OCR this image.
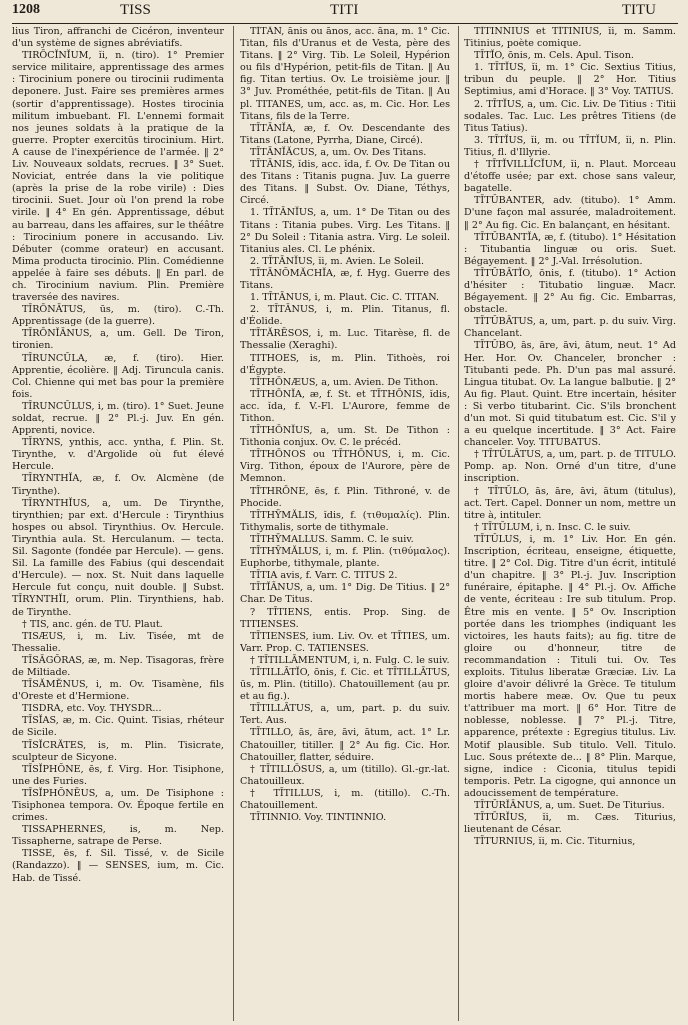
1208	TISS	TITI	TITU

lius Tiron, affranchi de Cicéron, inventeur d'un système de signes abréviatifs.

TIRŌCĬNĬUM, ĭi, n. (tiro). 1° Premier service militaire, apprentissage des armes : Tirocinium ponere ou tirocinii rudimenta deponere. Just. Faire ses premières armes (sortir d'apprentissage). Hostes tirocinia militum imbuebant. Fl. L'ennemi formait nos jeunes soldats à la pratique de la guerre. Propter exercitūs tirocinium. Hirt. A cause de l'inexpérience de l'armée. ‖ 2° Liv. Nouveaux soldats, recrues. ‖ 3° Suet. Noviciat, entrée dans la vie politique (après la prise de la robe virile) : Dies tirocinii. Suet. Jour où l'on prend la robe virile. ‖ 4° En gén. Apprentissage, début au barreau, dans les affaires, sur le théâtre : Tirocinium ponere in accusando. Liv. Débuter (comme orateur) en accusant. Mima producta tirocinio. Plin. Comédienne appelée à faire ses débuts. ‖ En parl. de ch. Tirocinium navium. Plin. Première traversée des navires.

TĪRŌNĀTUS, ūs, m. (tiro). C.-Th. Apprentissage (de la guerre).

TĪRŌNĬĀNUS, a, um. Gell. De Tiron, tironien.

TĪRUNCŬLA, æ, f. (tiro). Hier. Apprentie, écolière. ‖ Adj. Tiruncula canis. Col. Chienne qui met bas pour la première fois.

TĪRUNCŬLUS, i, m. (tiro). 1° Suet. Jeune soldat, recrue. ‖ 2° Pl.-j. Juv. En gén. Apprenti, novice.

TĪRYNS, ynthis, acc. yntha, f. Plin. St. Tirynthe, v. d'Argolide où fut élevé Hercule.

TĪRYNTHĬA, æ, f. Ov. Alcmène (de Tirynthe).

TĪRYNTHĬUS, a, um. De Tirynthe, tirynthien; par ext. d'Hercule : Tirynthius hospes ou absol. Tirynthius. Ov. Hercule. Tirynthia aula. St. Herculanum. — tecta. Sil. Sagonte (fondée par Hercule). — gens. Sil. La famille des Fabius (qui descendait d'Hercule). — nox. St. Nuit dans laquelle Hercule fut conçu, nuit double. ‖ Subst. TĪRYNTHĬI, orum. Plin. Tirynthiens, hab. de Tirynthe.

† TIS, anc. gén. de TU. Plaut.

TISÆUS, i, m. Liv. Tisée, mt de Thessalie.

TĪSĀGŎRAS, æ, m. Nep. Tisagoras, frère de Miltiade.

TĪSĂMĔNUS, i, m. Ov. Tisamène, fils d'Oreste et d'Hermione.

TISDRA, etc. Voy. THYSDR...

TĪSĬAS, æ, m. Cic. Quint. Tisias, rhéteur de Sicile.

TĪSĬCRĂTES, is, m. Plin. Tisicrate, sculpteur de Sicyone.

TĪSĬPHŎNE, ēs, f. Virg. Hor. Tisiphone, une des Furies.

TĪSĬPHŎNĒUS, a, um. De Tisiphone : Tisiphonea tempora. Ov. Époque fertile en crimes.

TISSAPHERNES, is, m. Nep. Tissapherne, satrape de Perse.

TISSE, ēs, f. Sil. Tissé, v. de Sicile (Randazzo). ‖ — SENSES, ium, m. Cic. Hab. de Tissé.

TĪTĀN, ānis ou ānos, acc. āna, m. 1° Cic. Titan, fils d'Uranus et de Vesta, père des Titans. ‖ 2° Virg. Tib. Le Soleil, Hypérion ou fils d'Hypérion, petit-fils de Titan. ‖ Au fig. Titan tertius. Ov. Le troisième jour. ‖ 3° Juv. Prométhée, petit-fils de Titan. ‖ Au pl. TITANES, um, acc. as, m. Cic. Hor. Les Titans, fils de la Terre.

TĪTĀNĬA, æ, f. Ov. Descendante des Titans (Latone, Pyrrha, Diane, Circé).

TĪTĀNĬĂCUS, a, um. Ov. Des Titans.

TĪTĀNIS, ĭdis, acc. ĭda, f. Ov. De Titan ou des Titans : Titanis pugna. Juv. La guerre des Titans. ‖ Subst. Ov. Diane, Téthys, Circé.

1. TĪTĀNĬUS, a, um. 1° De Titan ou des Titans : Titania pubes. Virg. Les Titans. ‖ 2° Du Soleil : Titania astra. Virg. Le soleil. Titanius ales. Cl. Le phénix.

2. TĪTĀNĬUS, ĭi, m. Avien. Le Soleil.

TĪTĀNŎMĂCHĬA, æ, f. Hyg. Guerre des Titans.

1. TĪTĀNUS, i, m. Plaut. Cic. C. TITAN.

2. TĪTĀNUS, i, m. Plin. Titanus, fl. d'Éolide.

TĪTĂRĒSOS, i, m. Luc. Titarèse, fl. de Thessalie (Xeraghi).

TITHOES, is, m. Plin. Tithoès, roi d'Égypte.

TĪTHŌNÆUS, a, um. Avien. De Tithon.

TĪTHŌNĬA, æ, f. St. et TĪTHŌNIS, ĭdis, acc. ĭda, f. V.-Fl. L'Aurore, femme de Tithon.

TĪTHŌNĬUS, a, um. St. De Tithon : Tithonia conjux. Ov. C. le précéd.

TĪTHŌNOS ou TĪTHŌNUS, i, m. Cic. Virg. Tithon, époux de l'Aurore, père de Memnon.

TĪTHRŌNE, ēs, f. Plin. Tithroné, v. de Phocide.

TĪTHȲMĂLIS, ĭdis, f. (τιθυμαλίς). Plin. Tithymalis, sorte de tithymale.

TĪTHȲMALLUS. Samm. C. le suiv.

TĪTHȲMĂLUS, i, m. f. Plin. (τιθύμαλος). Euphorbe, tithymale, plante.

TĪTIA avis, f. Varr. C. TITUS 2.

TĪTĬĀNUS, a, um. 1° Dig. De Titius. ‖ 2° Char. De Titus.

? TĪTIENS, entis. Prop. Sing. de TITIENSES.

TĪTIENSES, ium. Liv. Ov. et TĪTIES, um. Varr. Prop. C. TATIENSES.

† TĪTILLĀMENTUM, i, n. Fulg. C. le suiv.

TĪTILLĀTĬO, ōnis, f. Cic. et TĪTILLĀTUS, ūs, m. Plin. (titillo). Chatouillement (au pr. et au fig.).

TĪTILLĀTUS, a, um, part. p. du suiv. Tert. Aus.

TĪTILLO, ās, āre, āvi, ātum, act. 1° Lr. Chatouiller, titiller. ‖ 2° Au fig. Cic. Hor. Chatouiller, flatter, séduire.

† TĪTILLŌSUS, a, um (titillo). Gl.-gr.-lat. Chatouilleux.

† TĪTILLUS, i, m. (titillo). C.-Th. Chatouillement.

TĪTINNIO. Voy. TINTINNIO.

TĪTINNIUS et TĪTINIUS, ĭi, m. Samm. Titinius, poète comique.

TĪTĬO, ōnis, m. Cels. Apul. Tison.

1. TĪTĬUS, ĭi, m. 1° Cic. Sextius Titius, tribun du peuple. ‖ 2° Hor. Titius Septimius, ami d'Horace. ‖ 3° Voy. TATIUS.

2. TĪTĬUS, a, um. Cic. Liv. De Titius : Titii sodales. Tac. Luc. Les prêtres Titiens (de Titus Tatius).

3. TĪTĬUS, ĭi, m. ou TĪTĬUM, ĭi, n. Plin. Titius, fl. d'Illyrie.

† TĪTĬVILLĬCĬUM, ĭi, n. Plaut. Morceau d'étoffe usée; par ext. chose sans valeur, bagatelle.

TĪTŬBANTER, adv. (titubo). 1° Amm. D'une façon mal assurée, maladroitement. ‖ 2° Au fig. Cic. En balançant, en hésitant.

TĪTŬBANTĬA, æ, f. (titubo). 1° Hésitation : Titubantia linguæ ou oris. Suet. Bégayement. ‖ 2° J.-Val. Irrésolution.

TĪTŬBĀTĬO, ōnis, f. (titubo). 1° Action d'hésiter : Titubatio linguæ. Macr. Bégayement. ‖ 2° Au fig. Cic. Embarras, obstacle.

TĪTŬBĀTUS, a, um, part. p. du suiv. Virg. Chancelant.

TĪTŬBO, ās, āre, āvi, ātum, neut. 1° Ad Her. Hor. Ov. Chanceler, broncher : Titubanti pede. Ph. D'un pas mal assuré. Lingua titubat. Ov. La langue balbutie. ‖ 2° Au fig. Plaut. Quint. Etre incertain, hésiter : Si verbo titubarint. Cic. S'ils bronchent d'un mot. Si quid titubatum est. Cic. S'il y a eu quelque incertitude. ‖ 3° Act. Faire chanceler. Voy. TITUBATUS.

† TĪTŬLĀTUS, a, um, part. p. de TITULO. Pomp. ap. Non. Orné d'un titre, d'une inscription.

† TĪTŬLO, ās, āre, āvi, ātum (titulus), act. Tert. Capel. Donner un nom, mettre un titre à, intituler.

† TĪTŬLUM, i, n. Insc. C. le suiv.

TĪTŬLUS, i, m. 1° Liv. Hor. En gén. Inscription, écriteau, enseigne, étiquette, titre. ‖ 2° Col. Dig. Titre d'un écrit, intitulé d'un chapitre. ‖ 3° Pl.-j. Juv. Inscription funéraire, épitaphe. ‖ 4° Pl.-j. Ov. Affiche de vente, écriteau : Ire sub titulum. Prop. Être mis en vente. ‖ 5° Ov. Inscription portée dans les triomphes (indiquant les victoires, les hauts faits); au fig. titre de gloire ou d'honneur, titre de recommandation : Tituli tui. Ov. Tes exploits. Titulus liberatæ Græciæ. Liv. La gloire d'avoir délivré la Grèce. Te titulum mortis habere meæ. Ov. Que tu peux t'attribuer ma mort. ‖ 6° Hor. Titre de noblesse, noblesse. ‖ 7° Pl.-j. Titre, apparence, prétexte : Egregius titulus. Liv. Motif plausible. Sub titulo. Vell. Titulo. Luc. Sous prétexte de... ‖ 8° Plin. Marque, signe, indice : Ciconia, titulus tepidi temporis. Petr. La cigogne, qui annonce un adoucissement de température.

TĪTŬRĬĀNUS, a, um. Suet. De Titurius.

TĪTŪRĬUS, ĭi, m. Cæs. Titurius, lieutenant de César.

TĪTURNIUS, ĭi, m. Cic. Titurnius,
